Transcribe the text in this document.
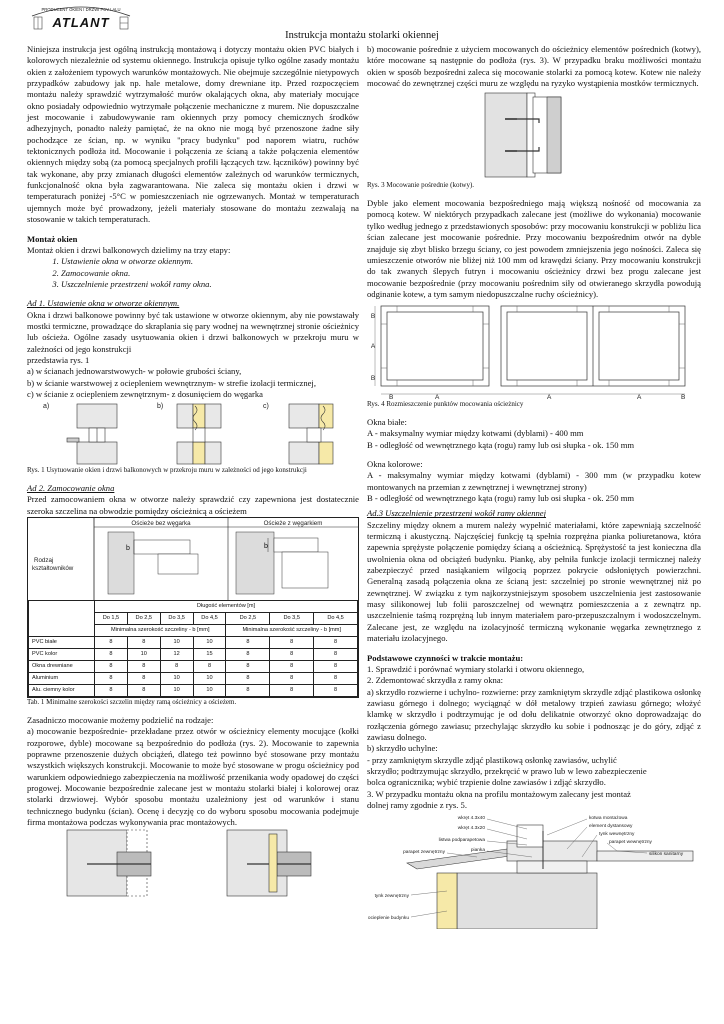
PRODUCENT OKIEN I DRZWI PCV I ALU
ATLANT
Instrukcja montażu stolarki okiennej

Niniejsza instrukcja jest ogólną instrukcją montażową i dotyczy montażu okien PVC białych i kolorowych niezależnie od systemu okiennego. Instrukcja opisuje tylko ogólne zasady montażu okien z założeniem typowych warunków montażowych. Nie obejmuje szczególnie nietypowych przypadków zabudowy jak np. hale metalowe, domy drewniane itp. Przed rozpoczęciem montażu należy sprawdzić wytrzymałość murów okalających okna, aby materiały mocujące okno posiadały odpowiednio wytrzymałe połączenie mechaniczne z murem. Nie dopuszczalne jest mocowanie i zabudowywanie ram okiennych przy pomocy chemicznych środków adhezyjnych, ponadto należy pamiętać, że na okno nie mogą być przenoszone żadne siły pochodzące ze ścian, np. w wyniku "pracy budynku" pod naporem wiatru, ruchów tektonicznych podłoża itd. Mocowanie i połączenia ze ścianą a także połączenia elementów okiennych między sobą (za pomocą specjalnych profili łączących tzw. łączników) powinny być tak wykonane, aby przy zmianach długości elementów zależnych od warunków termicznych, funkcjonalność okna była zagwarantowana. Nie zaleca się montażu okien i drzwi w temperaturach poniżej -5°C w pomieszczeniach nie ogrzewanych. Montaż w temperaturach ujemnych może być prowadzony, jeżeli materiały stosowane do montażu zezwalają na stosowanie w takich temperaturach.

Montaż okien

Montaż okien i drzwi balkonowych dzielimy na trzy etapy:

1. Ustawienie okna w otworze okiennym.
2. Zamocowanie okna.
3. Uszczelnienie przestrzeni wokół ramy okna.

Ad 1. Ustawienie okna w otworze okiennym.

Okna i drzwi balkonowe powinny być tak ustawione w otworze okiennym, aby nie powstawały mostki termiczne, prowadzące do skraplania się pary wodnej na wewnętrznej stronie ościeżnicy lub ościeża. Ogólne zasady usytuowania okien i drzwi balkonowych w przekroju muru w zależności od jego konstrukcji

przedstawia rys. 1

a) w ścianach jednowarstwowych- w połowie grubości ściany,

b) w ścianie warstwowej z ociepleniem wewnętrznym- w strefie izolacji termicznej,

c) w ścianie z ociepleniem zewnętrznym- z dosunięciem do węgarka

a)	b)	c)

Rys. 1 Usytuowanie okien i drzwi balkonowych w przekroju muru w zależności od jego konstrukcji

Ad 2. Zamocowanie okna

Przed zamocowaniem okna w otworze należy sprawdzić czy zapewniona jest dostatecznie szeroka szczelina na obwodzie pomiędzy ościeżnicą a ościeżem

Ościeże bez węgarka	Ościeże z węgarkiem
Rodzaj
kształtowników
b	b
	Długość elementów [m]						
	Do 1,5	Do 2,5	Do 3,5	Do 4,5	Do 2,5	Do 3,5	Do 4,5
	Minimalna szerokość szczeliny - b [mm]				Minimalna szerokość szczeliny - b [mm]		
PVC białe	8	8	10	10	8	8	8
PVC kolor	8	10	12	15	8	8	8
Okna drewniane	8	8	8	8	8	8	8
Aluminium	8	8	10	10	8	8	8
Alu. ciemny kolor	8	8	10	10	8	8	8

Tab. 1 Minimalne szerokości szczelin między ramą ościeżnicy a ościeżem.

Zasadniczo mocowanie możemy podzielić na rodzaje:

a) mocowanie bezpośrednie- przekładane przez otwór w ościeżnicy elementy mocujące (kołki rozporowe, dyble) mocowane są bezpośrednio do podłoża (rys. 2). Mocowanie to zapewnia poprawne przenoszenie dużych obciążeń, dlatego też powinno być stosowane przy montażu wszystkich większych konstrukcji. Mocowanie to może być stosowane w progu ościeżnicy pod warunkiem odpowiedniego zabezpieczenia na możliwość przenikania wody opadowej do części progowej. Mocowanie bezpośrednie zalecane jest w montażu stolarki białej i kolorowej oraz stolarki drzwiowej. Wybór sposobu montażu uzależniony jest od warunków i stanu technicznego budynku (ścian). Ocenę i decyzję co do wyboru sposobu mocowania podejmuje firma montażowa podczas wykonywania prac montażowych.

b) mocowanie pośrednie z użyciem mocowanych do ościeżnicy elementów pośrednich (kotwy), które mocowane są następnie do podłoża (rys. 3). W przypadku braku możliwości montażu okien w sposób bezpośredni zaleca się mocowanie stolarki za pomocą kotew. Kotew nie należy mocować do zewnętrznej części muru ze względu na ryzyko wystąpienia mostków termicznych.

Rys. 3 Mocowanie pośrednie (kotwy).

Dyble jako element mocowania bezpośredniego mają większą nośność od mocowania za pomocą kotew. W niektórych przypadkach zalecane jest (możliwe do wykonania) mocowanie tylko według jednego z przedstawionych sposobów: przy mocowaniu konstrukcji w pobliżu lica ścian zalecane jest mocowanie pośrednie. Przy mocowaniu bezpośrednim otwór na dyble znajduje się zbyt blisko brzegu ściany, co jest powodem zmniejszenia jego nośności. Zaleca się umieszczenie otworów nie bliżej niż 100 mm od krawędzi ściany. Przy mocowaniu konstrukcji do tak zwanych ślepych futryn i mocowaniu ościeżnicy drzwi bez progu zalecane jest mocowanie bezpośrednie (przy mocowaniu pośrednim siły od otwieranego skrzydła powodują odginanie kotew, a tym samym niedopuszczalne ruchy ościeżnicy).

B
A
B
B	A	A	A	B

Rys. 4 Rozmieszczenie punktów mocowania ościeżnicy

Okna białe:

A - maksymalny wymiar między kotwami (dyblami) - 400 mm

B - odległość od wewnętrznego kąta (rogu) ramy lub osi słupka - ok. 150 mm

Okna kolorowe:

A - maksymalny wymiar między kotwami (dyblami) - 300 mm (w przypadku kotew montowanych na przemian z zewnętrznej i wewnętrznej strony)

B - odległość od wewnętrznego kąta (rogu) ramy lub osi słupka - ok. 250 mm

Ad.3 Uszczelnienie przestrzeni wokół ramy okiennej

Szczeliny między oknem a murem należy wypełnić materiałami, które zapewniają szczelność termiczną i akustyczną. Najczęściej funkcję tą spełnia rozprężna pianka poliuretanowa, która zapewnia sprężyste połączenie pomiędzy ścianą a ościeżnicą. Sprężystość ta jest konieczna dla uwolnienia okna od obciążeń budynku. Piankę, aby pełniła funkcje izolacji termicznej należy zabezpieczyć przed nasiąkaniem wilgocią poprzez pokrycie odsłoniętych powierzchni. Generalną zasadą połączenia okna ze ścianą jest: szczelniej po stronie wewnętrznej niż po zewnętrznej. W związku z tym najkorzystniejszym sposobem uszczelnienia jest zastosowanie masy silikonowej lub folii paroszczelnej od wewnątrz pomieszczenia a z zewnątrz np. uszczelnienie taśmą rozprężną lub innym materiałem paro-przepuszczalnym i wodoszczelnym. Zalecane jest, ze względu na izolacyjność termiczną wykonanie węgarka zewnętrznego z materiału izolacyjnego.

Podstawowe czynności w trakcie montażu:

1. Sprawdzić i porównać wymiary stolarki i otworu okiennego,

2. Zdemontować skrzydła z ramy okna:

a) skrzydło rozwierne i uchylno- rozwierne: przy zamkniętym skrzydle zdjąć plastikowa osłonkę zawiasu górnego i dolnego; wyciągnąć w dół metalowy trzpień zawiasu górnego; włożyć klamkę w skrzydło i podtrzymując je od dołu delikatnie otworzyć okno doprowadzając do rozłączenia górnego zawiasu; przechylając skrzydło ku sobie i podnosząc je do góry, zdjąć z zawiasu dolnego.

b) skrzydło uchylne:

- przy zamkniętym skrzydle zdjąć plastikową osłonkę zawiasów, uchylić

skrzydło; podtrzymując skrzydło, przekręcić w prawo lub w lewo zabezpieczenie

bolca ogranicznika; wybić trzpienie dolne zawiasów i zdjąć skrzydło.

3. W przypadku montażu okna na profilu montażowym zalecany jest montaż

dolnej ramy zgodnie z rys. 5.

wkręt 4.3x40
wkręt 4.3x20
listwa podparapetowa
pianka
parapet zewnętrzny
tynk zewnętrzny
ocieplenie budynku
kotwa montażowa
element dystansowy
tynk wewnętrzny
parapet wewnętrzny
silikon sanitarny
